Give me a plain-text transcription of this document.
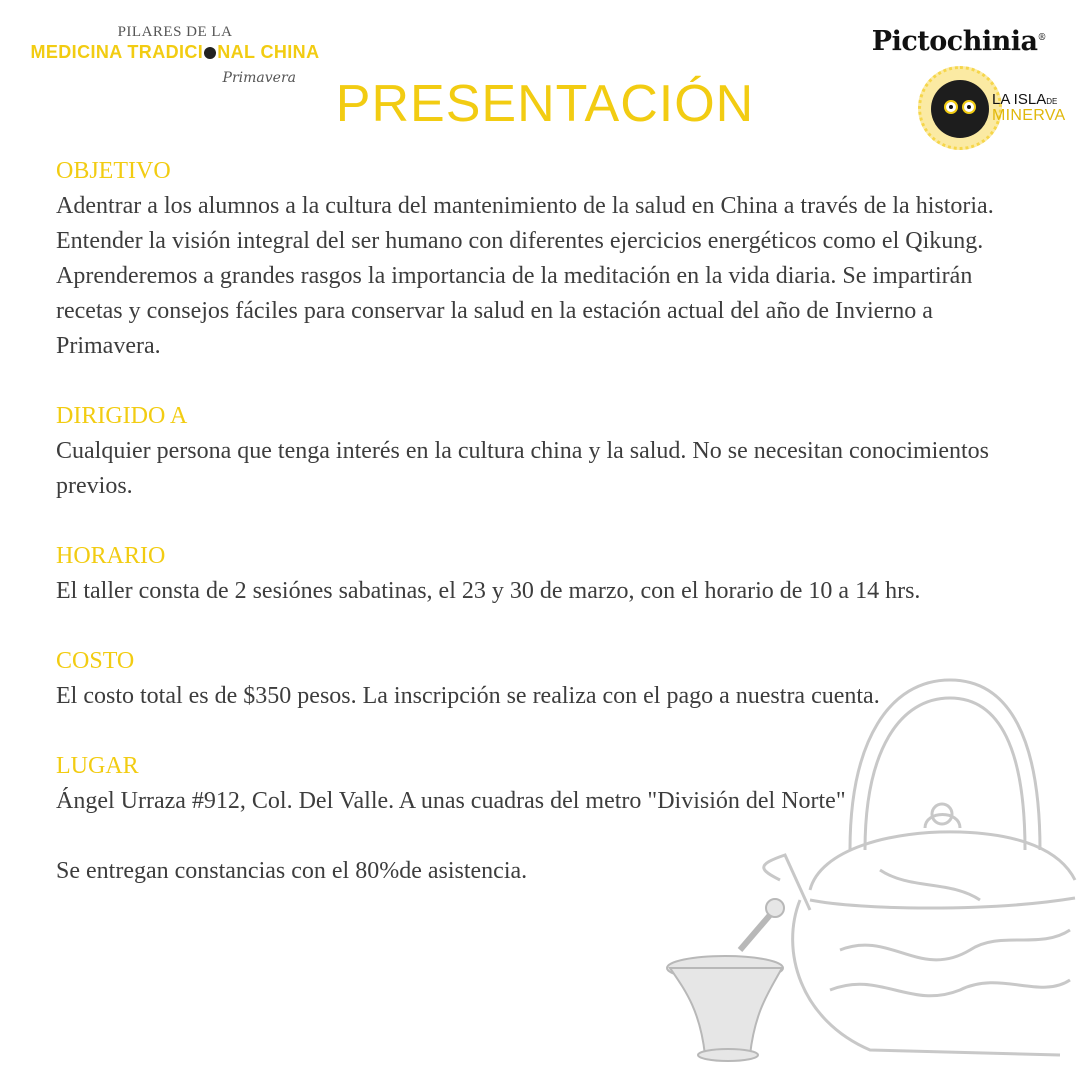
PILARES DE LA
MEDICINA TRADICI NAL CHINA
Primavera PRESENTACIÓN
Pictochinia®
LA ISLADE
MINERVA
OBJETIVO
Adentrar a los alumnos a la cultura del mantenimiento de la salud en China a través de la historia. Entender la visión integral del ser humano con diferentes ejercicios energéticos como el Qikung. Aprenderemos a grandes rasgos la importancia de la meditación en la vida diaria. Se impartirán recetas y consejos fáciles para conservar la salud en la estación actual del año de Invierno a Primavera.
DIRIGIDO A
Cualquier persona que tenga interés en la cultura china y la salud. No se necesitan conocimientos previos.
HORARIO
El taller consta de 2 sesiónes sabatinas, el 23 y 30 de marzo, con el horario de 10 a 14 hrs.
COSTO
El costo total es de $350 pesos. La inscripción se realiza con el pago a nuestra cuenta.
LUGAR
Ángel Urraza #912, Col. Del Valle. A unas cuadras del metro "División del Norte"
Se entregan constancias con el 80%de asistencia.
